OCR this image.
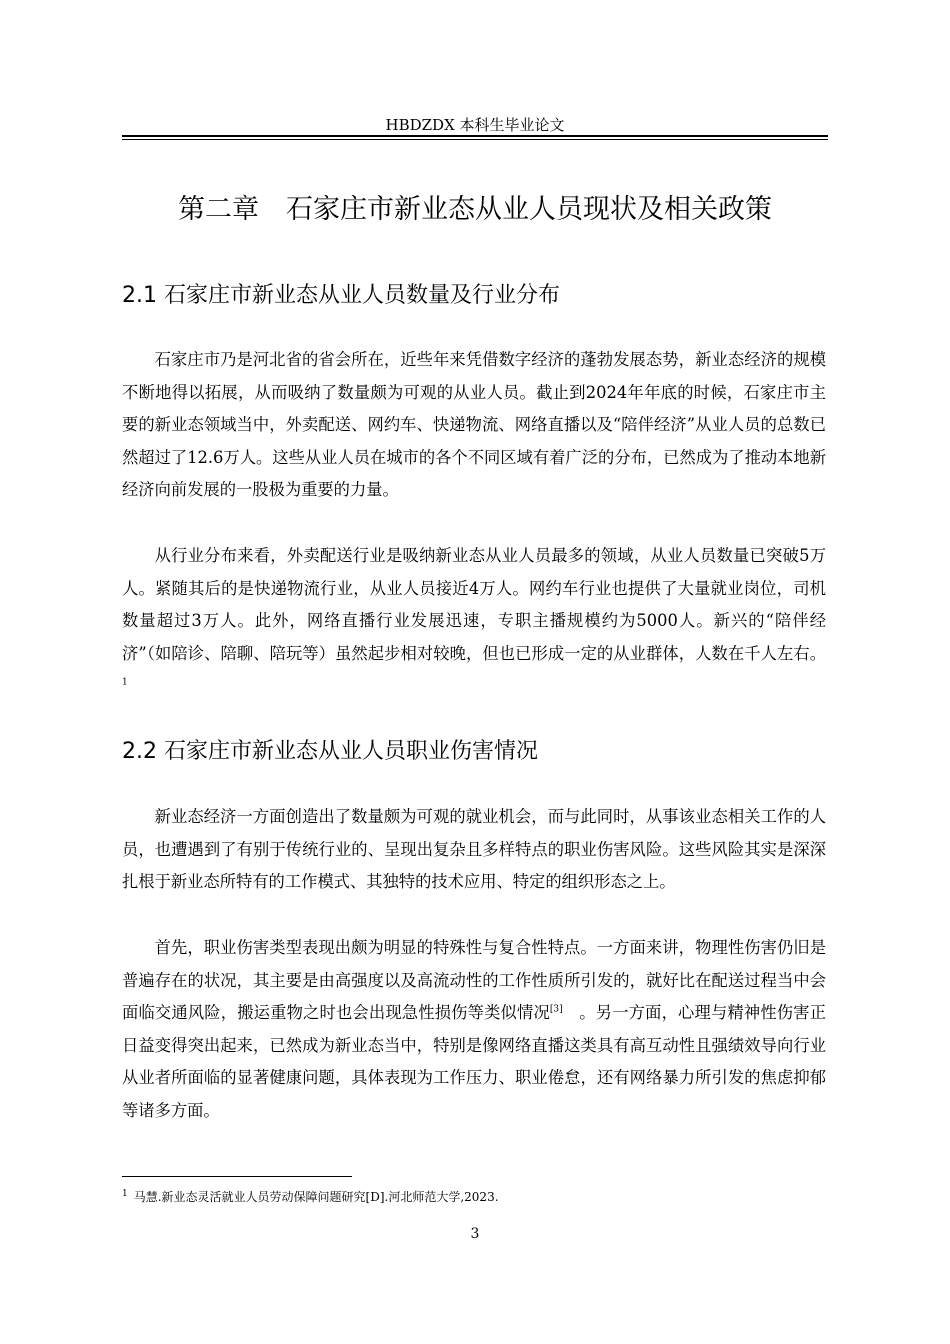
HBDZDX 本科生毕业论文
第二章　石家庄市新业态从业人员现状及相关政策
2.1 石家庄市新业态从业人员数量及行业分布

石家庄市乃是河北省的省会所在，近些年来凭借数字经济的蓬勃发展态势，新业态经济的规模不断地得以拓展，从而吸纳了数量颇为可观的从业人员。截止到2024年年底的时候，石家庄市主要的新业态领域当中，外卖配送、网约车、快递物流、网络直播以及“陪伴经济”从业人员的总数已然超过了12.6万人。这些从业人员在城市的各个不同区域有着广泛的分布，已然成为了推动本地新经济向前发展的一股极为重要的力量。

从行业分布来看，外卖配送行业是吸纳新业态从业人员最多的领域，从业人员数量已突破5万人。紧随其后的是快递物流行业，从业人员接近4万人。网约车行业也提供了大量就业岗位，司机数量超过3万人。此外，网络直播行业发展迅速，专职主播规模约为5000人。新兴的“陪伴经济”（如陪诊、陪聊、陪玩等）虽然起步相对较晚，但也已形成一定的从业群体，人数在千人左右。$^1$

2.2 石家庄市新业态从业人员职业伤害情况

新业态经济一方面创造出了数量颇为可观的就业机会，而与此同时，从事该业态相关工作的人员，也遭遇到了有别于传统行业的、呈现出复杂且多样特点的职业伤害风险。这些风险其实是深深扎根于新业态所特有的工作模式、其独特的技术应用、特定的组织形态之上。

首先，职业伤害类型表现出颇为明显的特殊性与复合性特点。一方面来讲，物理性伤害仍旧是普遍存在的状况，其主要是由高强度以及高流动性的工作性质所引发的，就好比在配送过程当中会面临交通风险，搬运重物之时也会出现急性损伤等类似情况[3]　。另一方面，心理与精神性伤害正日益变得突出起来，已然成为新业态当中，特别是像网络直播这类具有高互动性且强绩效导向行业从业者所面临的显著健康问题，具体表现为工作压力、职业倦怠，还有网络暴力所引发的焦虑抑郁等诸多方面。

$^1$ 马慧.新业态灵活就业人员劳动保障问题研究[D].河北师范大学,2023.
3
